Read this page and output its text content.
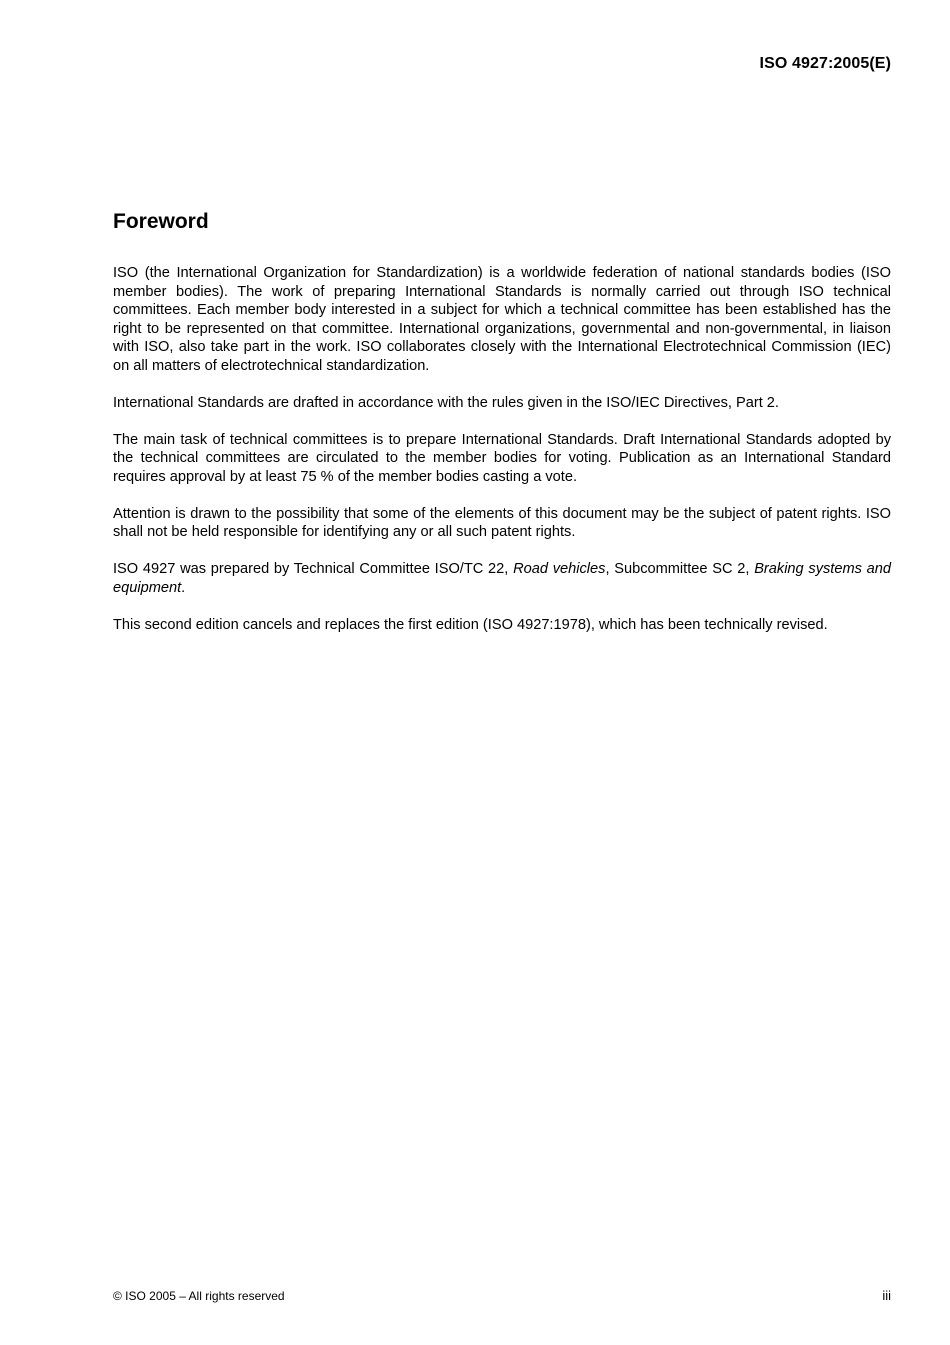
ISO 4927:2005(E)
Foreword

ISO (the International Organization for Standardization) is a worldwide federation of national standards bodies (ISO member bodies). The work of preparing International Standards is normally carried out through ISO technical committees. Each member body interested in a subject for which a technical committee has been established has the right to be represented on that committee. International organizations, governmental and non-governmental, in liaison with ISO, also take part in the work. ISO collaborates closely with the International Electrotechnical Commission (IEC) on all matters of electrotechnical standardization.

International Standards are drafted in accordance with the rules given in the ISO/IEC Directives, Part 2.

The main task of technical committees is to prepare International Standards. Draft International Standards adopted by the technical committees are circulated to the member bodies for voting. Publication as an International Standard requires approval by at least 75 % of the member bodies casting a vote.

Attention is drawn to the possibility that some of the elements of this document may be the subject of patent rights. ISO shall not be held responsible for identifying any or all such patent rights.

ISO 4927 was prepared by Technical Committee ISO/TC 22, Road vehicles, Subcommittee SC 2, Braking systems and equipment.

This second edition cancels and replaces the first edition (ISO 4927:1978), which has been technically revised.

© ISO 2005 – All rights reserved	iii
